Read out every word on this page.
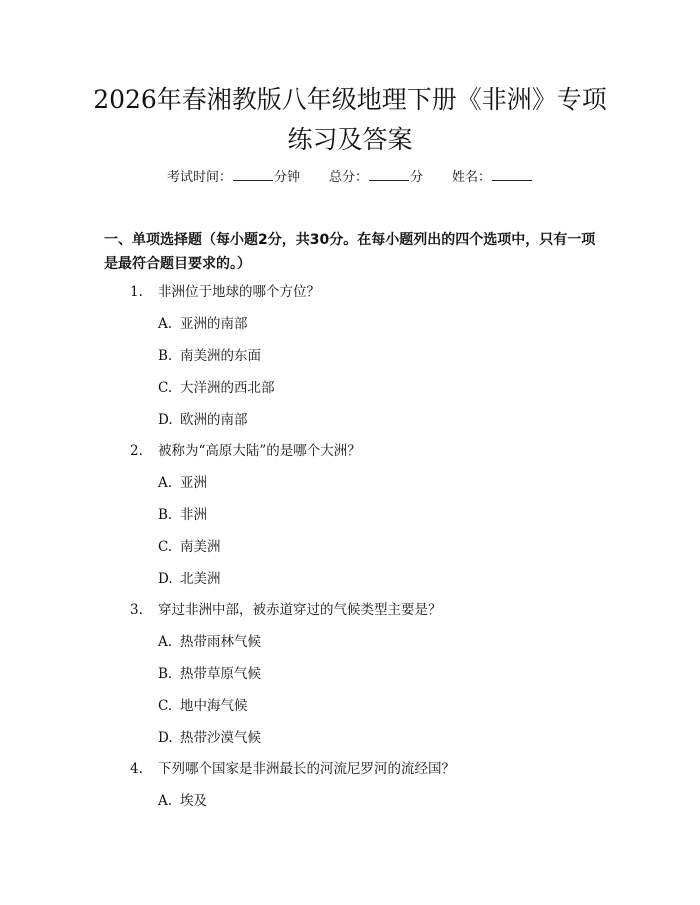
2026年春湘教版八年级地理下册《非洲》专项练习及答案
考试时间：	分钟 总分：	分 姓名：
一、单项选择题（每小题2分，共30分。在每小题列出的四个选项中，只有一项是最符合题目要求的。）
1. 非洲位于地球的哪个方位？
A. 亚洲的南部
B. 南美洲的东面
C. 大洋洲的西北部
D. 欧洲的南部
2. 被称为“高原大陆”的是哪个大洲？
A. 亚洲
B. 非洲
C. 南美洲
D. 北美洲
3. 穿过非洲中部，被赤道穿过的气候类型主要是？
A. 热带雨林气候
B. 热带草原气候
C. 地中海气候
D. 热带沙漠气候
4. 下列哪个国家是非洲最长的河流尼罗河的流经国？
A. 埃及
